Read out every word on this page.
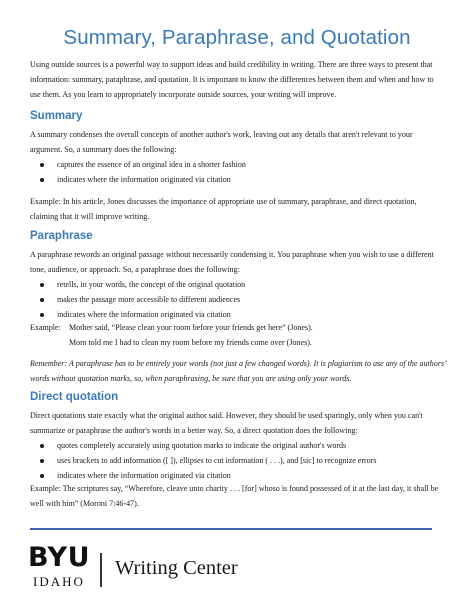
Summary, Paraphrase, and Quotation

Using outside sources is a powerful way to support ideas and build credibility in writing. There are three ways to present that information: summary, paraphrase, and quotation. It is important to know the differences between them and when and how to use them. As you learn to appropriately incorporate outside sources, your writing will improve.

Summary

A summary condenses the overall concepts of another author's work, leaving out any details that aren't relevant to your argument. So, a summary does the following:

captures the essence of an original idea in a shorter fashion
indicates where the information originated via citation

Example: In his article, Jones discusses the importance of appropriate use of summary, paraphrase, and direct quotation, claiming that it will improve writing.

Paraphrase

A paraphrase rewords an original passage without necessarily condensing it. You paraphrase when you wish to use a different tone, audience, or approach. So, a paraphrase does the following:

retells, in your words, the concept of the original quotation
makes the passage more accessible to different audiences
indicates where the information originated via citation
Example: Mother said, “Please clean your room before your friends get here” (Jones).
Mom told me I had to clean my room before my friends come over (Jones).

Remember: A paraphrase has to be entirely your words (not just a few changed words). It is plagiarism to use any of the authors’ words without quotation marks, so, when paraphrasing, be sure that you are using only your words.

Direct quotation

Direct quotations state exactly what the original author said. However, they should be used sparingly, only when you can't summarize or paraphrase the author's words in a better way. So, a direct quotation does the following:

quotes completely accurately using quotation marks to indicate the original author's words
uses brackets to add information ([ ]), ellipses to cut information ( . . .), and [sic] to recognize errors
indicates where the information originated via citation

Example: The scriptures say, “Wherefore, cleave unto charity . . . [for] whoso is found possessed of it at the last day, it shall be well with him” (Moroni 7:46-47).

BYU
IDAHO
Writing Center
